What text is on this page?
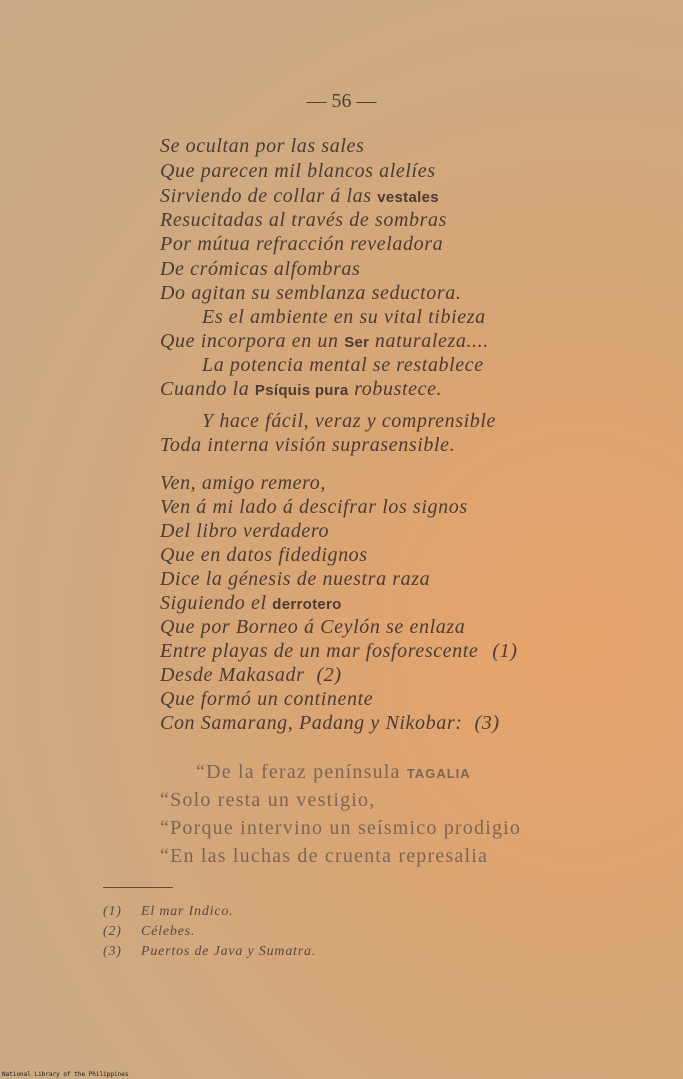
— 56 —
Se ocultan por las sales
Que parecen mil blancos alelíes
Sirviendo de collar á las vestales
Resucitadas al través de sombras
Por mútua refracción reveladora
De crómicas alfombras
Do agitan su semblanza seductora.
Es el ambiente en su vital tibieza
Que incorpora en un Ser naturaleza....
La potencia mental se restablece
Cuando la Psíquis pura robustece.
Y hace fácil, veraz y comprensible
Toda interna visión suprasensible.
Ven, amigo remero,
Ven á mi lado á descifrar los signos
Del libro verdadero
Que en datos fidedignos
Dice la génesis de nuestra raza
Siguiendo el derrotero
Que por Borneo á Ceylón se enlaza
Entre playas de un mar fosforescente (1)
Desde Makasadr (2)
Que formó un continente
Con Samarang, Padang y Nikobar: (3)
“De la feraz península TAGALIA
“Solo resta un vestigio,
“Porque intervino un seísmico prodigio
“En las luchas de cruenta represalia
(1) El mar Indico.
(2) Célebes.
(3) Puertos de Java y Sumatra.
National Library of the Philippines
